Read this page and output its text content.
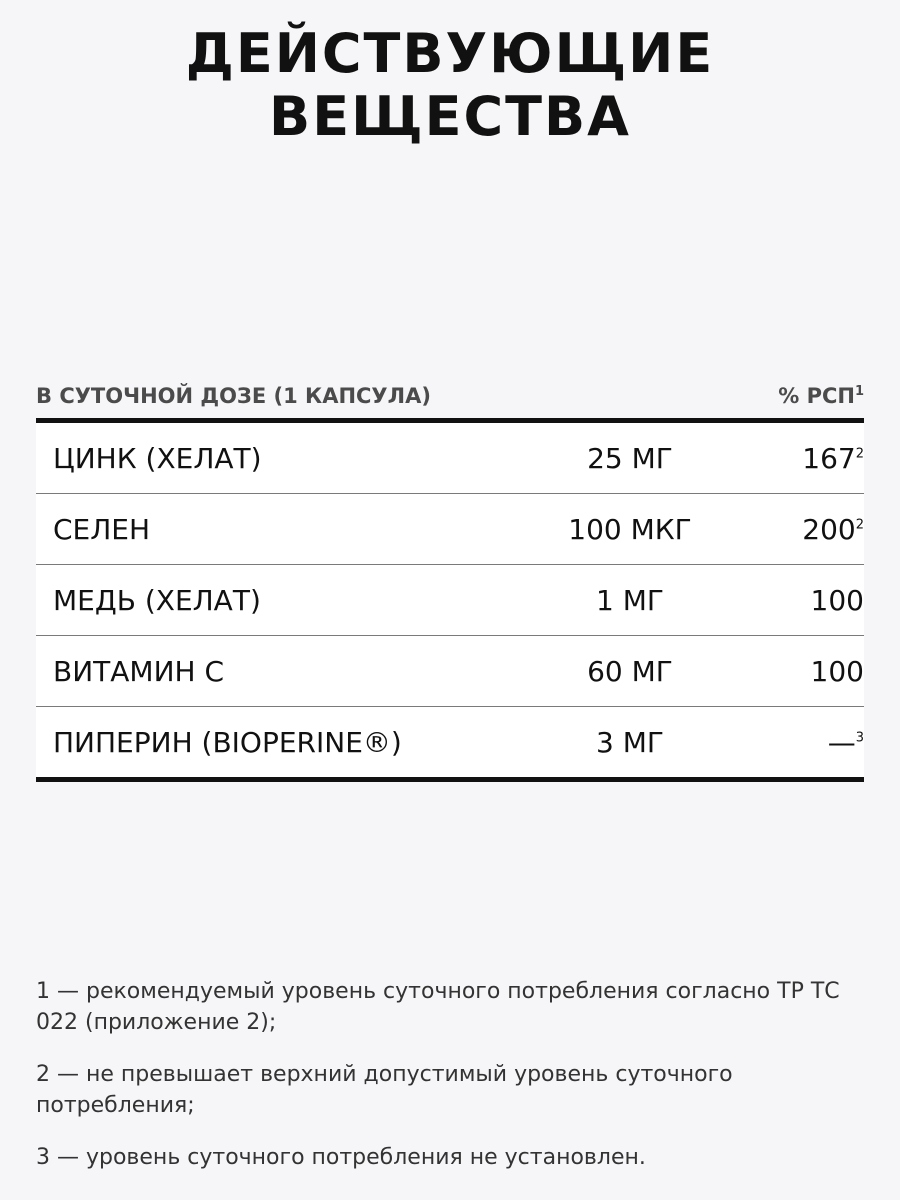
ДЕЙСТВУЮЩИЕ ВЕЩЕСТВА
В СУТОЧНОЙ ДОЗЕ (1 КАПСУЛА)	% РСП$^1$
ЦИНК (ХЕЛАТ)	25 МГ	$167^2$
СЕЛЕН	100 МКГ	$200^2$
МЕДЬ (ХЕЛАТ)	1 МГ	100
ВИТАМИН С	60 МГ	100
ПИПЕРИН (BIOPERINE®)	3 МГ	—$^3$

1 — рекомендуемый уровень суточного потребления согласно ТР ТС 022 (приложение 2);

2 — не превышает верхний допустимый уровень суточного потребления;

3 — уровень суточного потребления не установлен.
